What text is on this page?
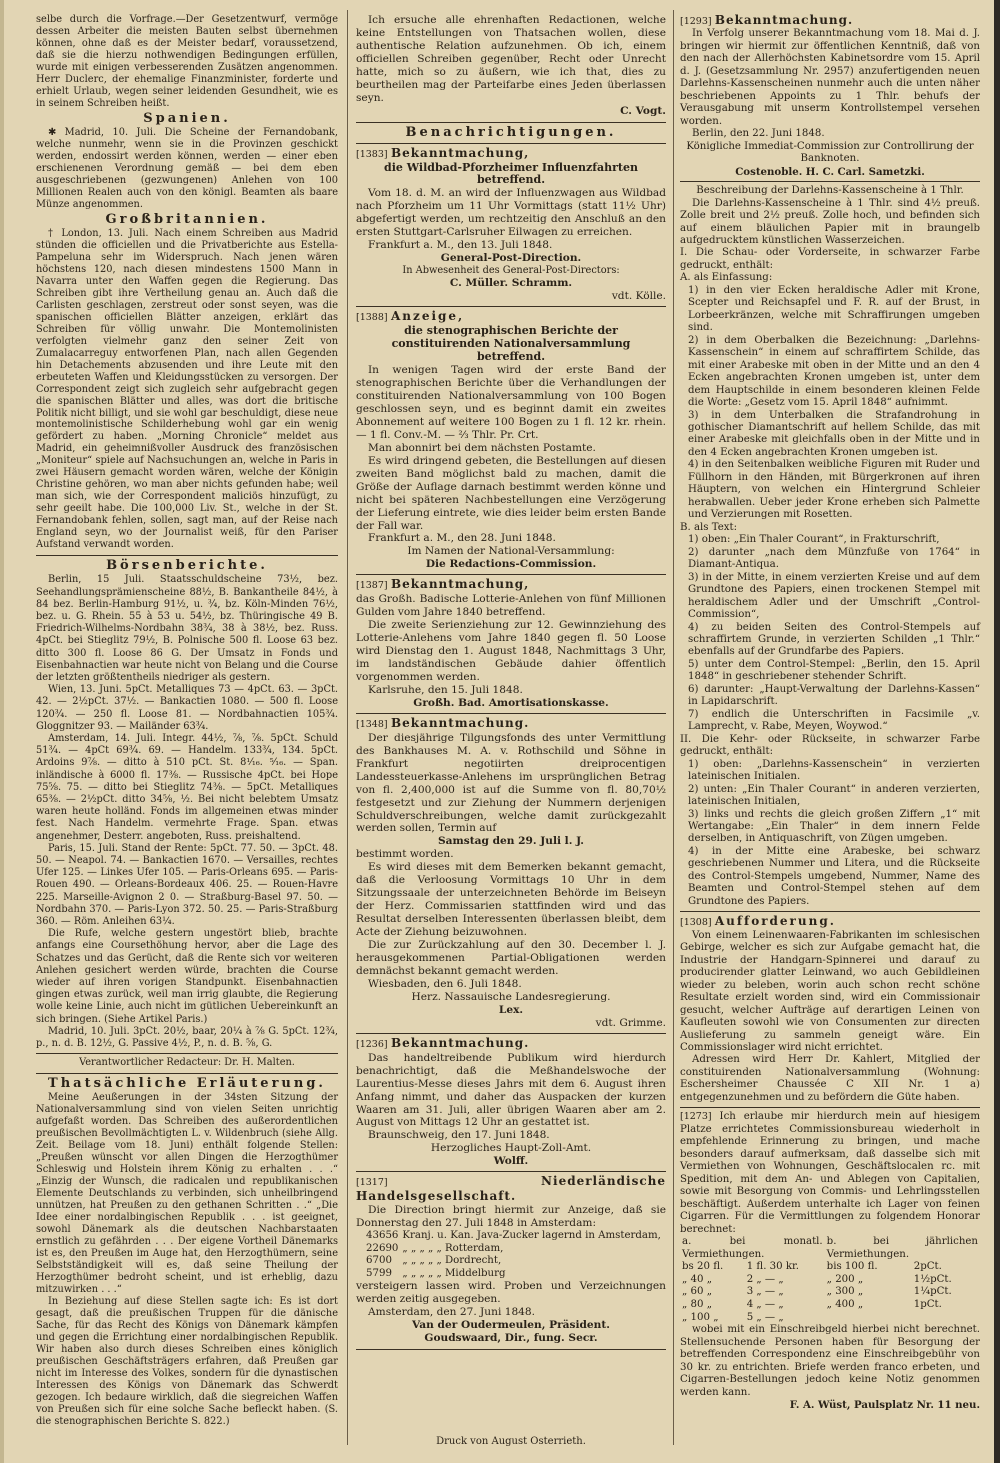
selbe durch die Vorfrage.—Der Gesetzentwurf, vermöge dessen Arbeiter die meisten Bauten selbst übernehmen können, ohne daß es der Meister bedarf, voraussetzend, daß sie die hierzu nothwendigen Bedingungen erfüllen, wurde mit einigen verbesserenden Zusätzen angenommen. Herr Duclerc, der ehemalige Finanzminister, forderte und erhielt Urlaub, wegen seiner leidenden Gesundheit, wie es in seinem Schreiben heißt.

Spanien.

✱ Madrid, 10. Juli. Die Scheine der Fernandobank, welche nunmehr, wenn sie in die Provinzen geschickt werden, endossirt werden können, werden — einer eben erschienenen Verordnung gemäß — bei dem eben ausgeschriebenen (gezwungenen) Anlehen von 100 Millionen Realen auch von den königl. Beamten als baare Münze angenommen.

Großbritannien.

† London, 13. Juli. Nach einem Schreiben aus Madrid stünden die officiellen und die Privatberichte aus Estella-Pampeluna sehr im Widerspruch. Nach jenen wären höchstens 120, nach diesen mindestens 1500 Mann in Navarra unter den Waffen gegen die Regierung. Das Schreiben gibt ihre Vertheilung genau an. Auch daß die Carlisten geschlagen, zerstreut oder sonst seyen, was die spanischen officiellen Blätter anzeigen, erklärt das Schreiben für völlig unwahr. Die Montemolinisten verfolgten vielmehr ganz den seiner Zeit von Zumalacarreguy entworfenen Plan, nach allen Gegenden hin Detachements abzusenden und ihre Leute mit den erbeuteten Waffen und Kleidungsstücken zu versorgen. Der Correspondent zeigt sich zugleich sehr aufgebracht gegen die spanischen Blätter und alles, was dort die britische Politik nicht billigt, und sie wohl gar beschuldigt, diese neue montemolinistische Schilderhebung wohl gar ein wenig gefördert zu haben. „Morning Chronicle“ meldet aus Madrid, ein geheimnißvoller Ausdruck des französischen „Moniteur“ spiele auf Nachsuchungen an, welche in Paris in zwei Häusern gemacht worden wären, welche der Königin Christine gehören, wo man aber nichts gefunden habe; weil man sich, wie der Correspondent maliciös hinzufügt, zu sehr geeilt habe. Die 100,000 Liv. St., welche in der St. Fernandobank fehlen, sollen, sagt man, auf der Reise nach England seyn, wo der Journalist weiß, für den Pariser Aufstand verwandt worden.

Börsenberichte.

Berlin, 15 Juli. Staatsschuldscheine 73½, bez. Seehandlungsprämienscheine 88½, B. Bankantheile 84½, à 84 bez. Berlin-Hamburg 91½, u. ¾, bz. Köln-Minden 76½, bez. u. G. Rhein. 55 à 53 u. 54½, bz. Thüringische 49 B. Friedrich-Wilhelms-Nordbahn 38¾, 38 à 38½, bez. Russ. 4pCt. bei Stieglitz 79½, B. Polnische 500 fl. Loose 63 bez. ditto 300 fl. Loose 86 G. Der Umsatz in Fonds und Eisenbahnactien war heute nicht von Belang und die Course der letzten größtentheils niedriger als gestern.

Wien, 13. Juni. 5pCt. Metalliques 73 — 4pCt. 63. — 3pCt. 42. — 2½pCt. 37½. — Bankactien 1080. — 500 fl. Loose 120¾. — 250 fl. Loose 81. — Nordbahnactien 105¾. Gloggnitzer 93. — Mailänder 63¾.

Amsterdam, 14. Juli. Integr. 44½, ⅞, ⅞. 5pCt. Schuld 51¾. — 4pCt 69¾. 69. — Handelm. 133¾, 134. 5pCt. Ardoins 9⅞. — ditto à 510 pCt. St. 8¹⁄₁₆. ⁵⁄₁₆. — Span. inländische à 6000 fl. 17⅜. — Russische 4pCt. bei Hope 75⅝. 75. — ditto bei Stieglitz 74⅜. — 5pCt. Metalliques 65⅜. — 2½pCt. ditto 34⅝, ½. Bei nicht belebtem Umsatz waren heute holländ. Fonds im allgemeinen etwas minder fest. Nach Handelm. vermehrte Frage. Span. etwas angenehmer, Desterr. angeboten, Russ. preishaltend.

Paris, 15. Juli. Stand der Rente: 5pCt. 77. 50. — 3pCt. 48. 50. — Neapol. 74. — Bankactien 1670. — Versailles, rechtes Ufer 125. — Linkes Ufer 105. — Paris-Orleans 695. — Paris-Rouen 490. — Orleans-Bordeaux 406. 25. — Rouen-Havre 225. Marseille-Avignon 2 0. — Straßburg-Basel 97. 50. — Nordbahn 370. — Paris-Lyon 372. 50. 25. — Paris-Straßburg 360. — Röm. Anleihen 63¼.

Die Rufe, welche gestern ungestört blieb, brachte anfangs eine Coursethöhung hervor, aber die Lage des Schatzes und das Gerücht, daß die Rente sich vor weiteren Anlehen gesichert werden würde, brachten die Course wieder auf ihren vorigen Standpunkt. Eisenbahnactien gingen etwas zurück, weil man irrig glaubte, die Regierung wolle keine Linie, auch nicht im gütlichen Uebereinkunft an sich bringen. (Siehe Artikel Paris.)

Madrid, 10. Juli. 3pCt. 20½, baar, 20¼ à ⅞ G. 5pCt. 12¾, p., n. d. B. 12½, G. Passive 4½, P., n. d. B. ⅝, G.

Verantwortlicher Redacteur: Dr. H. Malten.

Thatsächliche Erläuterung.

Meine Aeußerungen in der 34sten Sitzung der Nationalversammlung sind von vielen Seiten unrichtig aufgefaßt worden. Das Schreiben des außerordentlichen preußischen Bevollmächtigten L. v. Wildenbruch (siehe Allg. Zeit. Beilage vom 18. Juni) enthält folgende Stellen: „Preußen wünscht vor allen Dingen die Herzogthümer Schleswig und Holstein ihrem König zu erhalten . . .“ „Einzig der Wunsch, die radicalen und republikanischen Elemente Deutschlands zu verbinden, sich unheilbringend unnützen, hat Preußen zu den gethanen Schritten . .“ „Die Idee einer nordalbingischen Republik . . . ist geeignet, sowohl Dänemark als die deutschen Nachbarstaaten ernstlich zu gefährden . . . Der eigene Vortheil Dänemarks ist es, den Preußen im Auge hat, den Herzogthümern, seine Selbstständigkeit will es, daß seine Theilung der Herzogthümer bedroht scheint, und ist erheblig, dazu mitzuwirken . . .“

In Beziehung auf diese Stellen sagte ich: Es ist dort gesagt, daß die preußischen Truppen für die dänische Sache, für das Recht des Königs von Dänemark kämpfen und gegen die Errichtung einer nordalbingischen Republik. Wir haben also durch dieses Schreiben eines königlich preußischen Geschäftsträgers erfahren, daß Preußen gar nicht im Interesse des Volkes, sondern für die dynastischen Interessen des Königs von Dänemark das Schwerdt gezogen. Ich bedaure wirklich, daß die siegreichen Waffen von Preußen sich für eine solche Sache befleckt haben. (S. die stenographischen Berichte S. 822.)

Ich ersuche alle ehrenhaften Redactionen, welche keine Entstellungen von Thatsachen wollen, diese authentische Relation aufzunehmen. Ob ich, einem officiellen Schreiben gegenüber, Recht oder Unrecht hatte, mich so zu äußern, wie ich that, dies zu beurtheilen mag der Parteifarbe eines Jeden überlassen seyn.

C. Vogt.

Benachrichtigungen.

[1383] Bekanntmachung,

die Wildbad-Pforzheimer Influenzfahrten betreffend.

Vom 18. d. M. an wird der Influenzwagen aus Wildbad nach Pforzheim um 11 Uhr Vormittags (statt 11½ Uhr) abgefertigt werden, um rechtzeitig den Anschluß an den ersten Stuttgart-Carlsruher Eilwagen zu erreichen.

Frankfurt a. M., den 13. Juli 1848.

General-Post-Direction.

In Abwesenheit des General-Post-Directors:

C. Müller. Schramm.

vdt. Kölle.

[1388] Anzeige,

die stenographischen Berichte der constituirenden Nationalversammlung betreffend.

In wenigen Tagen wird der erste Band der stenographischen Berichte über die Verhandlungen der constituirenden Nationalversammlung von 100 Bogen geschlossen seyn, und es beginnt damit ein zweites Abonnement auf weitere 100 Bogen zu 1 fl. 12 kr. rhein. — 1 fl. Conv.-M. — ⅔ Thlr. Pr. Crt.

Man abonnirt bei dem nächsten Postamte.

Es wird dringend gebeten, die Bestellungen auf diesen zweiten Band möglichst bald zu machen, damit die Größe der Auflage darnach bestimmt werden könne und nicht bei späteren Nachbestellungen eine Verzögerung der Lieferung eintrete, wie dies leider beim ersten Bande der Fall war.

Frankfurt a. M., den 28. Juni 1848.

Im Namen der National-Versammlung:

Die Redactions-Commission.

[1387] Bekanntmachung,

das Großh. Badische Lotterie-Anlehen von fünf Millionen Gulden vom Jahre 1840 betreffend.

Die zweite Serienziehung zur 12. Gewinnziehung des Lotterie-Anlehens vom Jahre 1840 gegen fl. 50 Loose wird Dienstag den 1. August 1848, Nachmittags 3 Uhr, im landständischen Gebäude dahier öffentlich vorgenommen werden.

Karlsruhe, den 15. Juli 1848.

Großh. Bad. Amortisationskasse.

[1348] Bekanntmachung.

Der diesjährige Tilgungsfonds des unter Vermittlung des Bankhauses M. A. v. Rothschild und Söhne in Frankfurt negotiirten dreiprocentigen Landessteuerkasse-Anlehens im ursprünglichen Betrag von fl. 2,400,000 ist auf die Summe von fl. 80,70½ festgesetzt und zur Ziehung der Nummern derjenigen Schuldverschreibungen, welche damit zurückgezahlt werden sollen, Termin auf

Samstag den 29. Juli l. J.

bestimmt worden.

Es wird dieses mit dem Bemerken bekannt gemacht, daß die Verloosung Vormittags 10 Uhr in dem Sitzungssaale der unterzeichneten Behörde im Beiseyn der Herz. Commissarien stattfinden wird und das Resultat derselben Interessenten überlassen bleibt, dem Acte der Ziehung beizuwohnen.

Die zur Zurückzahlung auf den 30. December l. J. herausgekommenen Partial-Obligationen werden demnächst bekannt gemacht werden.

Wiesbaden, den 6. Juli 1848.

Herz. Nassauische Landesregierung.

Lex.

vdt. Grimme.

[1236] Bekanntmachung.

Das handeltreibende Publikum wird hierdurch benachrichtigt, daß die Meßhandelswoche der Laurentius-Messe dieses Jahrs mit dem 6. August ihren Anfang nimmt, und daher das Auspacken der kurzen Waaren am 31. Juli, aller übrigen Waaren aber am 2. August von Mittags 12 Uhr an gestattet ist.

Braunschweig, den 17. Juni 1848.

Herzogliches Haupt-Zoll-Amt.

Wolff.

[1317]	Niederländische Handelsgesellschaft.

Die Direction bringt hiermit zur Anzeige, daß sie Donnerstag den 27. Juli 1848 in Amsterdam:

43656	Kranj. u. Kan. Java-Zucker lagernd in Amsterdam,
22690	„ „ „ „ „ Rotterdam,
6700	„ „ „ „ „ Dordrecht,
5799	„ „ „ „ „ Middelburg

versteigern lassen wird. Proben und Verzeichnungen werden zeitig ausgegeben.

Amsterdam, den 27. Juni 1848.

Van der Oudermeulen, Präsident.

Goudswaard, Dir., fung. Secr.

Druck von August Osterrieth.

[1293] Bekanntmachung.

In Verfolg unserer Bekanntmachung vom 18. Mai d. J. bringen wir hiermit zur öffentlichen Kenntniß, daß von den nach der Allerhöchsten Kabinetsordre vom 15. April d. J. (Gesetzsammlung Nr. 2957) anzufertigenden neuen Darlehns-Kassenscheinen nunmehr auch die unten näher beschriebenen Appoints zu 1 Thlr. behufs der Verausgabung mit unserm Kontrollstempel versehen worden.

Berlin, den 22. Juni 1848.

Königliche Immediat-Commission zur Controllirung der Banknoten.

Costenoble. H. C. Carl. Sametzki.

Beschreibung der Darlehns-Kassenscheine à 1 Thlr.

Die Darlehns-Kassenscheine à 1 Thlr. sind 4½ preuß. Zolle breit und 2½ preuß. Zolle hoch, und befinden sich auf einem bläulichen Papier mit in braungelb aufgedrucktem künstlichen Wasserzeichen.

I. Die Schau- oder Vorderseite, in schwarzer Farbe gedruckt, enthält:

A. als Einfassung:

1) in den vier Ecken heraldische Adler mit Krone, Scepter und Reichsapfel und F. R. auf der Brust, in Lorbeerkränzen, welche mit Schraffirungen umgeben sind.

2) in dem Oberbalken die Bezeichnung: „Darlehns-Kassenschein“ in einem auf schraffirtem Schilde, das mit einer Arabeske mit oben in der Mitte und an den 4 Ecken angebrachten Kronen umgeben ist, unter dem dem Hauptschilde in einem besonderen kleinen Felde die Worte: „Gesetz vom 15. April 1848“ aufnimmt.

3) in dem Unterbalken die Strafandrohung in gothischer Diamantschrift auf hellem Schilde, das mit einer Arabeske mit gleichfalls oben in der Mitte und in den 4 Ecken angebrachten Kronen umgeben ist.

4) in den Seitenbalken weibliche Figuren mit Ruder und Füllhorn in den Händen, mit Bürgerkronen auf ihren Häuptern, von welchen ein Hintergrund Schleier herabwallen. Ueber jeder Krone erheben sich Palmette und Verzierungen mit Rosetten.

B. als Text:

1) oben: „Ein Thaler Courant“, in Frakturschrift,

2) darunter „nach dem Münzfuße von 1764“ in Diamant-Antiqua.

3) in der Mitte, in einem verzierten Kreise und auf dem Grundtone des Papiers, einen trockenen Stempel mit heraldischem Adler und der Umschrift „Control-Commission“,

4) zu beiden Seiten des Control-Stempels auf schraffirtem Grunde, in verzierten Schilden „1 Thlr.“ ebenfalls auf der Grundfarbe des Papiers.

5) unter dem Control-Stempel: „Berlin, den 15. April 1848“ in geschriebener stehender Schrift.

6) darunter: „Haupt-Verwaltung der Darlehns-Kassen“ in Lapidarschrift.

7) endlich die Unterschriften in Facsimile „v. Lamprecht, v. Rabe, Meyen, Woywod.“

II. Die Kehr- oder Rückseite, in schwarzer Farbe gedruckt, enthält:

1) oben: „Darlehns-Kassenschein“ in verzierten lateinischen Initialen.

2) unten: „Ein Thaler Courant“ in anderen verzierten, lateinischen Initialen,

3) links und rechts die gleich großen Ziffern „1“ mit Wertangabe: „Ein Thaler“ in dem innern Felde derselben, in Antiquaschrift, von Zügen umgeben.

4) in der Mitte eine Arabeske, bei schwarz geschriebenen Nummer und Litera, und die Rückseite des Control-Stempels umgebend, Nummer, Name des Beamten und Control-Stempel stehen auf dem Grundtone des Papiers.

[1308] Aufforderung.

Von einem Leinenwaaren-Fabrikanten im schlesischen Gebirge, welcher es sich zur Aufgabe gemacht hat, die Industrie der Handgarn-Spinnerei und darauf zu producirender glatter Leinwand, wo auch Gebildleinen wieder zu beleben, worin auch schon recht schöne Resultate erzielt worden sind, wird ein Commissionair gesucht, welcher Aufträge auf derartigen Leinen von Kaufleuten sowohl wie von Consumenten zur directen Auslieferung zu sammeln geneigt wäre. Ein Commissionslager wird nicht errichtet.

Adressen wird Herr Dr. Kahlert, Mitglied der constituirenden Nationalversammlung (Wohnung: Eschersheimer Chaussée C XII Nr. 1 a) entgegenzunehmen und zu befördern die Güte haben.

[1273] Ich erlaube mir hierdurch mein auf hiesigem Platze errichtetes Commissionsbureau wiederholt in empfehlende Erinnerung zu bringen, und mache besonders darauf aufmerksam, daß dasselbe sich mit Vermiethen von Wohnungen, Geschäftslocalen rc. mit Spedition, mit dem An- und Ablegen von Capitalien, sowie mit Besorgung von Commis- und Lehrlingsstellen beschäftigt. Außerdem unterhalte ich Lager von feinen Cigarren. Für die Vermittlungen zu folgendem Honorar berechnet:

a. bei monatl. Vermiethungen.		b. bei jährlichen Vermiethungen.	
bs 20 fl.	1 fl. 30 kr.	bis 100 fl.	2pCt.
„ 40 „	2 „ — „	„ 200 „	1½pCt.
„ 60 „	3 „ — „	„ 300 „	1¼pCt.
„ 80 „	4 „ — „	„ 400 „	1pCt.
„ 100 „	5 „ — „		

wobei mit ein Einschreibgeld hierbei nicht berechnet. Stellensuchende Personen haben für Besorgung der betreffenden Correspondenz eine Einschreibgebühr von 30 kr. zu entrichten. Briefe werden franco erbeten, und Cigarren-Bestellungen jedoch keine Notiz genommen werden kann.

F. A. Wüst, Paulsplatz Nr. 11 neu.
